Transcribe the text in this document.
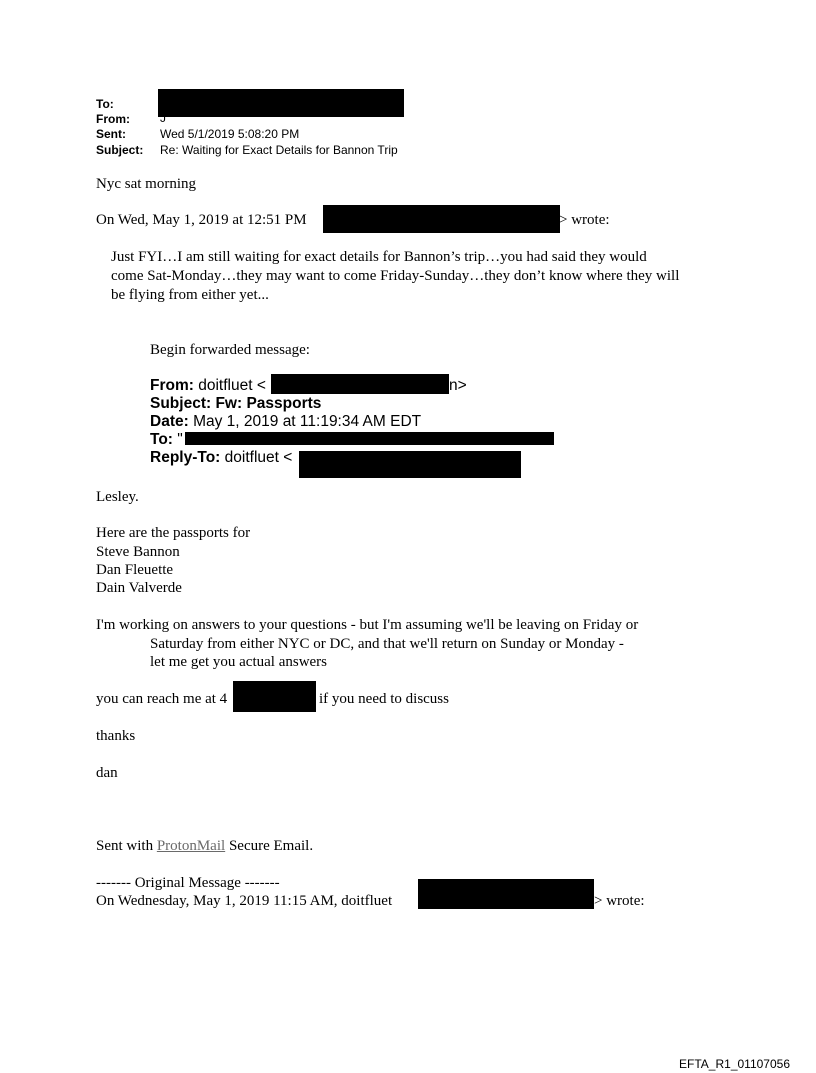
To:
From:	J
Sent:	Wed 5/1/2019 5:08:20 PM
Subject: Re: Waiting for Exact Details for Bannon Trip
Nyc sat morning
On Wed, May 1, 2019 at 12:51 PM	> wrote:
Just FYI…I am still waiting for exact details for Bannon’s trip…you had said they would
come Sat-Monday…they may want to come Friday-Sunday…they don’t know where they will
be flying from either yet...
Begin forwarded message:
From: doitfluet <	n>
Subject: Fw: Passports
Date: May 1, 2019 at 11:19:34 AM EDT
To: "
Reply-To: doitfluet <
Lesley.
Here are the passports for
Steve Bannon
Dan Fleuette
Dain Valverde
I'm working on answers to your questions - but I'm assuming we'll be leaving on Friday or
Saturday from either NYC or DC, and that we'll return on Sunday or Monday -
let me get you actual answers
you can reach me at 4	if you need to discuss
thanks
dan
Sent with ProtonMail Secure Email.
------- Original Message -------
On Wednesday, May 1, 2019 11:15 AM, doitfluet	> wrote:
EFTA_R1_01107056
